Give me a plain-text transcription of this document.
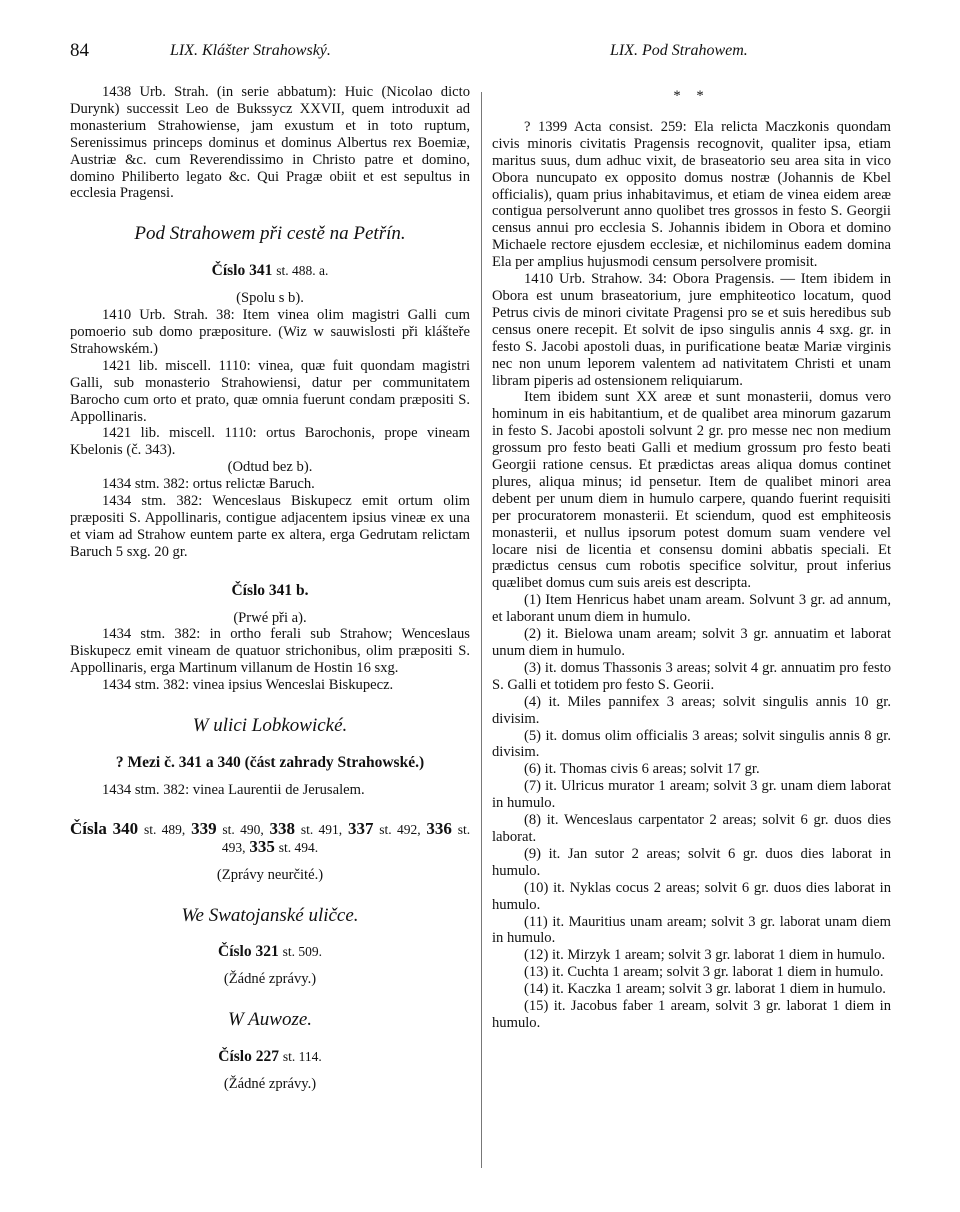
84	LIX. Klášter Strahowský.	LIX. Pod Strahowem.

1438 Urb. Strah. (in serie abbatum): Huic (Nicolao dicto Durynk) successit Leo de Bukssycz XXVII, quem introduxit ad monasterium Strahowiense, jam exustum et in toto ruptum, Serenissimus princeps dominus et dominus Albertus rex Boemiæ, Austriæ &c. cum Reverendissimo in Christo patre et domino, domino Philiberto legato &c. Qui Pragæ obiit et est sepultus in ecclesia Pragensi.

Pod Strahowem při cestě na Petřín.
Číslo 341 st. 488. a.

(Spolu s b).

1410 Urb. Strah. 38: Item vinea olim magistri Galli cum pomoerio sub domo præpositure. (Wiz w sauwislosti při klášteře Strahowském.)

1421 lib. miscell. 1110: vinea, quæ fuit quondam magistri Galli, sub monasterio Strahowiensi, datur per communitatem Barocho cum orto et prato, quæ omnia fuerunt condam præpositi S. Appollinaris.

1421 lib. miscell. 1110: ortus Barochonis, prope vineam Kbelonis (č. 343).

(Odtud bez b).

1434 stm. 382: ortus relictæ Baruch.

1434 stm. 382: Wenceslaus Biskupecz emit ortum olim præpositi S. Appollinaris, contigue adjacentem ipsius vineæ ex una et viam ad Strahow euntem parte ex altera, erga Gedrutam relictam Baruch 5 sxg. 20 gr.

Číslo 341 b.

(Prwé při a).

1434 stm. 382: in ortho ferali sub Strahow; Wenceslaus Biskupecz emit vineam de quatuor strichonibus, olim præpositi S. Appollinaris, erga Martinum villanum de Hostin 16 sxg.

1434 stm. 382: vinea ipsius Wenceslai Biskupecz.

W ulici Lobkowické.
? Mezi č. 341 a 340 (část zahrady Strahowské.)

1434 stm. 382: vinea Laurentii de Jerusalem.

Čísla 340 st. 489, 339 st. 490, 338 st. 491, 337 st. 492, 336 st. 493, 335 st. 494.

(Zprávy neurčité.)

We Swatojanské uličce.
Číslo 321 st. 509.

(Žádné zprávy.)

W Auwoze.
Číslo 227 st. 114.

(Žádné zprávy.)

* *

? 1399 Acta consist. 259: Ela relicta Maczkonis quondam civis minoris civitatis Pragensis recognovit, qualiter ipsa, etiam maritus suus, dum adhuc vixit, de braseatorio seu area sita in vico Obora nuncupato ex opposito domus nostræ (Johannis de Kbel officialis), quam prius inhabitavimus, et etiam de vinea eidem areæ contigua persolverunt anno quolibet tres grossos in festo S. Georgii census annui pro ecclesia S. Johannis ibidem in Obora et domino Michaele rectore ejusdem ecclesiæ, et nichilominus eadem domina Ela per amplius hujusmodi censum persolvere promisit.

1410 Urb. Strahow. 34: Obora Pragensis. — Item ibidem in Obora est unum braseatorium, jure emphiteotico locatum, quod Petrus civis de minori civitate Pragensi pro se et suis heredibus sub census onere recepit. Et solvit de ipso singulis annis 4 sxg. gr. in festo S. Jacobi apostoli duas, in purificatione beatæ Mariæ virginis nec non unum leporem valentem ad nativitatem Christi et unam libram piperis ad ostensionem reliquiarum.

Item ibidem sunt XX areæ et sunt monasterii, domus vero hominum in eis habitantium, et de qualibet area minorum gazarum in festo S. Jacobi apostoli solvunt 2 gr. pro messe nec non medium grossum pro festo beati Galli et medium grossum pro festo beati Georgii ratione census. Et prædictas areas aliqua domus continet plures, aliqua minus; id pensetur. Item de qualibet minori area debent per unum diem in humulo carpere, quando fuerint requisiti per procuratorem monasterii. Et sciendum, quod est emphiteosis monasterii, et nullus ipsorum potest domum suam vendere vel locare nisi de licentia et consensu domini abbatis speciali. Et prædictus census cum robotis specifice solvitur, prout inferius quælibet domus cum suis areis est descripta.

(1) Item Henricus habet unam aream. Solvunt 3 gr. ad annum, et laborant unum diem in humulo.

(2) it. Bielowa unam aream; solvit 3 gr. annuatim et laborat unum diem in humulo.

(3) it. domus Thassonis 3 areas; solvit 4 gr. annuatim pro festo S. Galli et totidem pro festo S. Georii.

(4) it. Miles pannifex 3 areas; solvit singulis annis 10 gr. divisim.

(5) it. domus olim officialis 3 areas; solvit singulis annis 8 gr. divisim.

(6) it. Thomas civis 6 areas; solvit 17 gr.

(7) it. Ulricus murator 1 aream; solvit 3 gr. unam diem laborat in humulo.

(8) it. Wenceslaus carpentator 2 areas; solvit 6 gr. duos dies laborat.

(9) it. Jan sutor 2 areas; solvit 6 gr. duos dies laborat in humulo.

(10) it. Nyklas cocus 2 areas; solvit 6 gr. duos dies laborat in humulo.

(11) it. Mauritius unam aream; solvit 3 gr. laborat unam diem in humulo.

(12) it. Mirzyk 1 aream; solvit 3 gr. laborat 1 diem in humulo.

(13) it. Cuchta 1 aream; solvit 3 gr. laborat 1 diem in humulo.

(14) it. Kaczka 1 aream; solvit 3 gr. laborat 1 diem in humulo.

(15) it. Jacobus faber 1 aream, solvit 3 gr. laborat 1 diem in humulo.
